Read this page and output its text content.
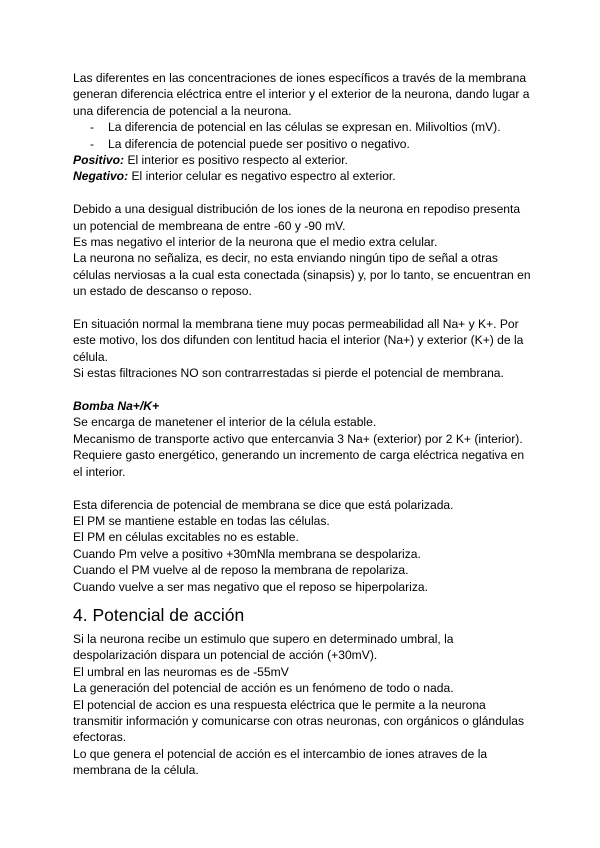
Las diferentes en las concentraciones de iones específicos a través de la membrana generan diferencia eléctrica entre el interior y el exterior de la neurona, dando lugar a una diferencia de potencial a la neurona.

-	La diferencia de potencial en las células se expresan en. Milivoltios (mV).
-	La diferencia de potencial puede ser positivo o negativo.

Positivo: El interior es positivo respecto al exterior.

Negativo: El interior celular es negativo espectro al exterior.

Debido a una desigual distribución de los iones de la neurona en repodiso presenta un potencial de membreana de entre -60 y -90 mV.

Es mas negativo el interior de la neurona que el medio extra celular.

La neurona no señaliza, es decir, no esta enviando ningún tipo de señal a otras células nerviosas a la cual esta conectada (sinapsis) y, por lo tanto, se encuentran en un estado de descanso o reposo.

En situación normal la membrana tiene muy pocas permeabilidad all Na+ y K+. Por este motivo, los dos difunden con lentitud hacia el interior (Na+) y exterior (K+) de la célula.

Si estas filtraciones NO son contrarrestadas si pierde el potencial de membrana.

Bomba Na+/K+

Se encarga de manetener el interior de la célula estable.

Mecanismo de transporte activo que entercanvia 3 Na+ (exterior) por 2 K+ (interior). Requiere gasto energético, generando un incremento de carga eléctrica negativa en el interior.

Esta diferencia de potencial de membrana se dice que está polarizada.

El PM se mantiene estable en todas las células.

El PM en células excitables no es estable.

Cuando Pm velve a positivo +30mNla membrana se despolariza.

Cuando el PM vuelve al de reposo la membrana de repolariza.

Cuando vuelve a ser mas negativo que el reposo se hiperpolariza.

4. Potencial de acción

Si la neurona recibe un estimulo que supero en determinado umbral, la despolarización dispara un potencial de acción (+30mV).

El umbral en las neuromas es de -55mV

La generación del potencial de acción es un fenómeno de todo o nada.

El potencial de accion es una respuesta eléctrica que le permite a la neurona transmitir información y comunicarse con otras neuronas, con orgánicos o glándulas efectoras.

Lo que genera el potencial de acción es el intercambio de iones atraves de la membrana de la célula.
